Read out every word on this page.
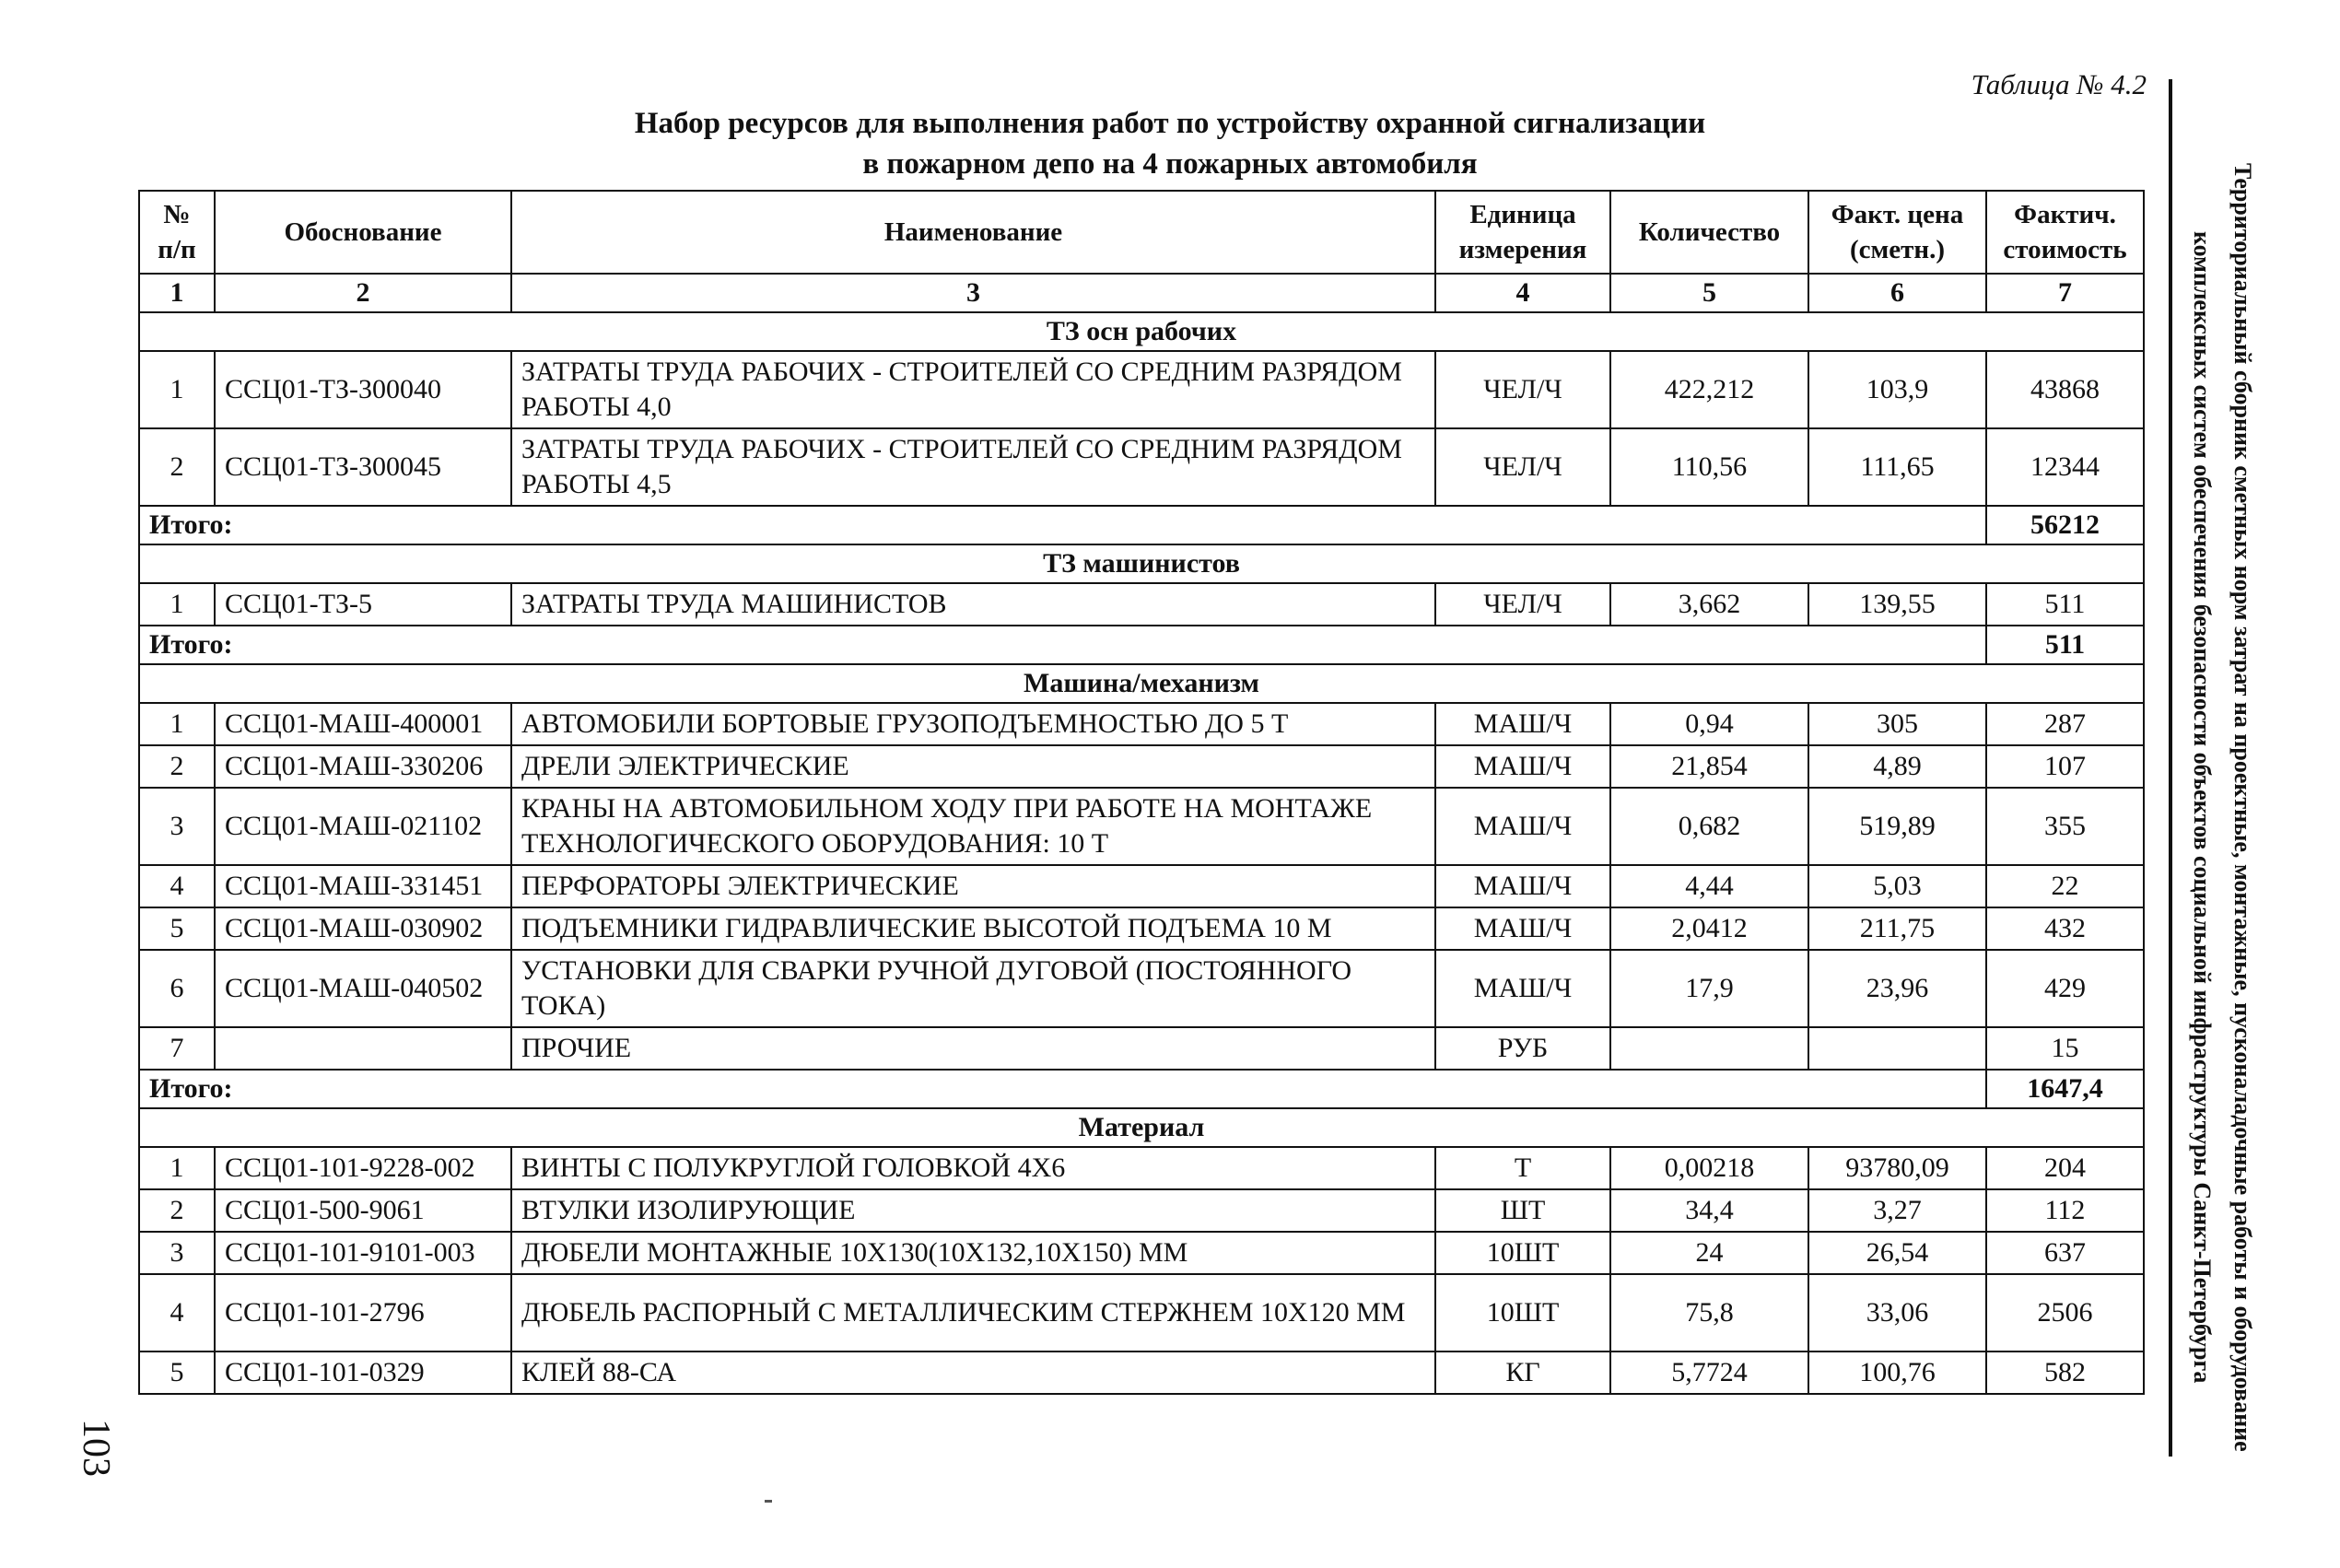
Таблица № 4.2
Набор ресурсов для выполнения работ по устройству охранной сигнализации
в пожарном депо на 4 пожарных автомобиля	Территориальный сборник сметных норм затрат на проектные, монтажные, пусконаладочные работы и оборудование
комплексных систем обеспечения безопасности объектов социальной инфраструктуры Санкт-Петербурга
103
№ п/п	Обоснование	Наименование	Единица измерения	Количество	Факт. цена (сметн.)	Фактич. стоимость
1	2	3	4	5	6	7
ТЗ осн рабочих						
1	ССЦ01-ТЗ-300040	ЗАТРАТЫ ТРУДА РАБОЧИХ - СТРОИТЕЛЕЙ СО СРЕДНИМ РАЗРЯДОМ РАБОТЫ 4,0	ЧЕЛ/Ч	422,212	103,9	43868
2	ССЦ01-ТЗ-300045	ЗАТРАТЫ ТРУДА РАБОЧИХ - СТРОИТЕЛЕЙ СО СРЕДНИМ РАЗРЯДОМ РАБОТЫ 4,5	ЧЕЛ/Ч	110,56	111,65	12344
Итого:						56212
ТЗ машинистов						
1	ССЦ01-ТЗ-5	ЗАТРАТЫ ТРУДА МАШИНИСТОВ	ЧЕЛ/Ч	3,662	139,55	511
Итого:						511
Машина/механизм						
1	ССЦ01-МАШ-400001	АВТОМОБИЛИ БОРТОВЫЕ ГРУЗОПОДЪЕМНОСТЬЮ ДО 5 Т	МАШ/Ч	0,94	305	287
2	ССЦ01-МАШ-330206	ДРЕЛИ ЭЛЕКТРИЧЕСКИЕ	МАШ/Ч	21,854	4,89	107
3	ССЦ01-МАШ-021102	КРАНЫ НА АВТОМОБИЛЬНОМ ХОДУ ПРИ РАБОТЕ НА МОНТАЖЕ ТЕХНОЛОГИЧЕСКОГО ОБОРУДОВАНИЯ: 10 Т	МАШ/Ч	0,682	519,89	355
4	ССЦ01-МАШ-331451	ПЕРФОРАТОРЫ ЭЛЕКТРИЧЕСКИЕ	МАШ/Ч	4,44	5,03	22
5	ССЦ01-МАШ-030902	ПОДЪЕМНИКИ ГИДРАВЛИЧЕСКИЕ ВЫСОТОЙ ПОДЪЕМА 10 М	МАШ/Ч	2,0412	211,75	432
6	ССЦ01-МАШ-040502	УСТАНОВКИ ДЛЯ СВАРКИ РУЧНОЙ ДУГОВОЙ (ПОСТОЯННОГО ТОКА)	МАШ/Ч	17,9	23,96	429
7		ПРОЧИЕ	РУБ			15
Итого:						1647,4
Материал						
1	ССЦ01-101-9228-002	ВИНТЫ С ПОЛУКРУГЛОЙ ГОЛОВКОЙ 4Х6	Т	0,00218	93780,09	204
2	ССЦ01-500-9061	ВТУЛКИ ИЗОЛИРУЮЩИЕ	ШТ	34,4	3,27	112
3	ССЦ01-101-9101-003	ДЮБЕЛИ МОНТАЖНЫЕ 10Х130(10Х132,10Х150) ММ	10ШТ	24	26,54	637
4	ССЦ01-101-2796	ДЮБЕЛЬ РАСПОРНЫЙ С МЕТАЛЛИЧЕСКИМ СТЕРЖНЕМ 10Х120 ММ	10ШТ	75,8	33,06	2506
5	ССЦ01-101-0329	КЛЕЙ 88-СА	КГ	5,7724	100,76	582
